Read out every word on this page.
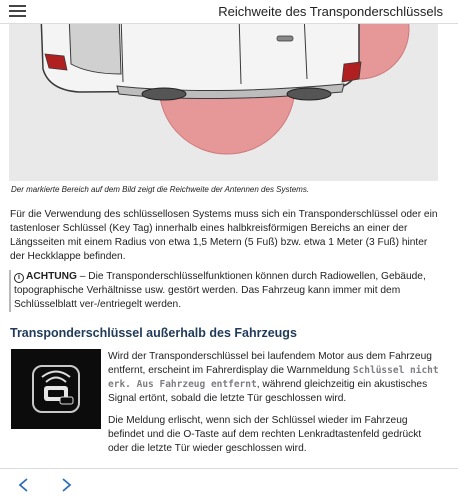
Reichweite des Transponderschlüssels
Der markierte Bereich auf dem Bild zeigt die Reichweite der Antennen des Systems.

Für die Verwendung des schlüssellosen Systems muss sich ein Transponderschlüssel oder ein tastenloser Schlüssel (Key Tag) innerhalb eines halbkreisförmigen Bereichs an einer der Längsseiten mit einem Radius von etwa 1,5 Metern (5 Fuß) bzw. etwa 1 Meter (3 Fuß) hinter der Heckklappe befinden.

i ACHTUNG – Die Transponderschlüsselfunktionen können durch Radiowellen, Gebäude, topographische Verhältnisse usw. gestört werden. Das Fahrzeug kann immer mit dem Schlüsselblatt ver-/entriegelt werden.
Transponderschlüssel außerhalb des Fahrzeugs

Wird der Transponderschlüssel bei laufendem Motor aus dem Fahrzeug entfernt, erscheint im Fahrerdisplay die Warnmeldung Schlüssel nicht erk. Aus Fahrzeug entfernt, während gleichzeitig ein akustisches Signal ertönt, sobald die letzte Tür geschlossen wird.

Die Meldung erlischt, wenn sich der Schlüssel wieder im Fahrzeug befindet und die O-Taste auf dem rechten Lenkradtastenfeld gedrückt oder die letzte Tür wieder geschlossen wird.
